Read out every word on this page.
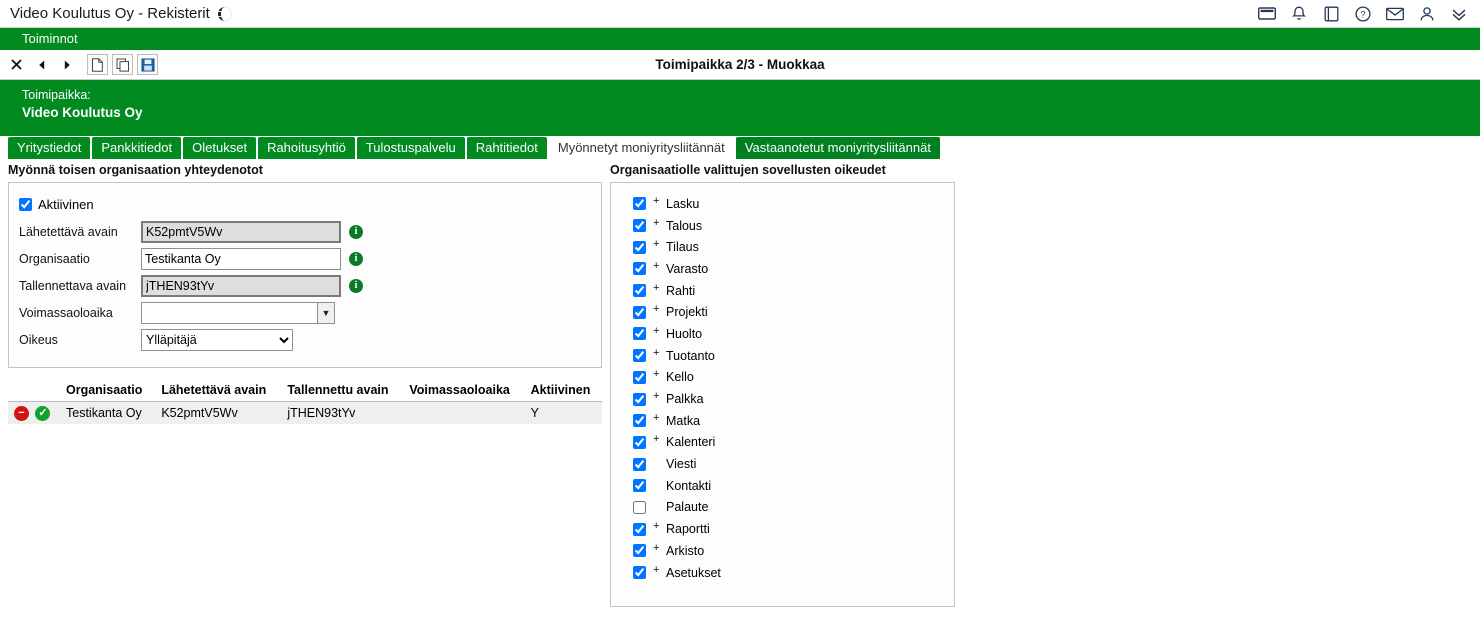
Video Koulutus Oy - Rekisterit	?
Toiminnot
Toimipaikka 2/3 - Muokkaa
Toimipaikka:
Video Koulutus Oy
Yritystiedot	Pankkitiedot	Oletukset	Rahoitusyhtiö	Tulostuspalvelu	Rahtitiedot	Myönnetyt moniyritysliitännät	Vastaanotetut moniyritysliitännät
Myönnä toisen organisaation yhteydenotot
Aktiivinen
Lähetettävä avain
K52pmtV5Wv	i
Organisaatio
Testikanta Oy	i
Tallennettava avain
jTHEN93tYv	i
Voimassaoloaika	▼
Oikeus
Ylläpitäjä
	Organisaatio	Lähetettävä avain	Tallennettu avain	Voimassaoloaika	Aktiivinen
− ✓	Testikanta Oy	K52pmtV5Wv	jTHEN93tYv		Y
Organisaatiolle valittujen sovellusten oikeudet
+ Lasku
+ Talous
+ Tilaus
+ Varasto
+ Rahti
+ Projekti
+ Huolto
+ Tuotanto
+ Kello
+ Palkka
+ Matka
+ Kalenteri
Viesti
Kontakti
Palaute
+ Raportti
+ Arkisto
+ Asetukset
